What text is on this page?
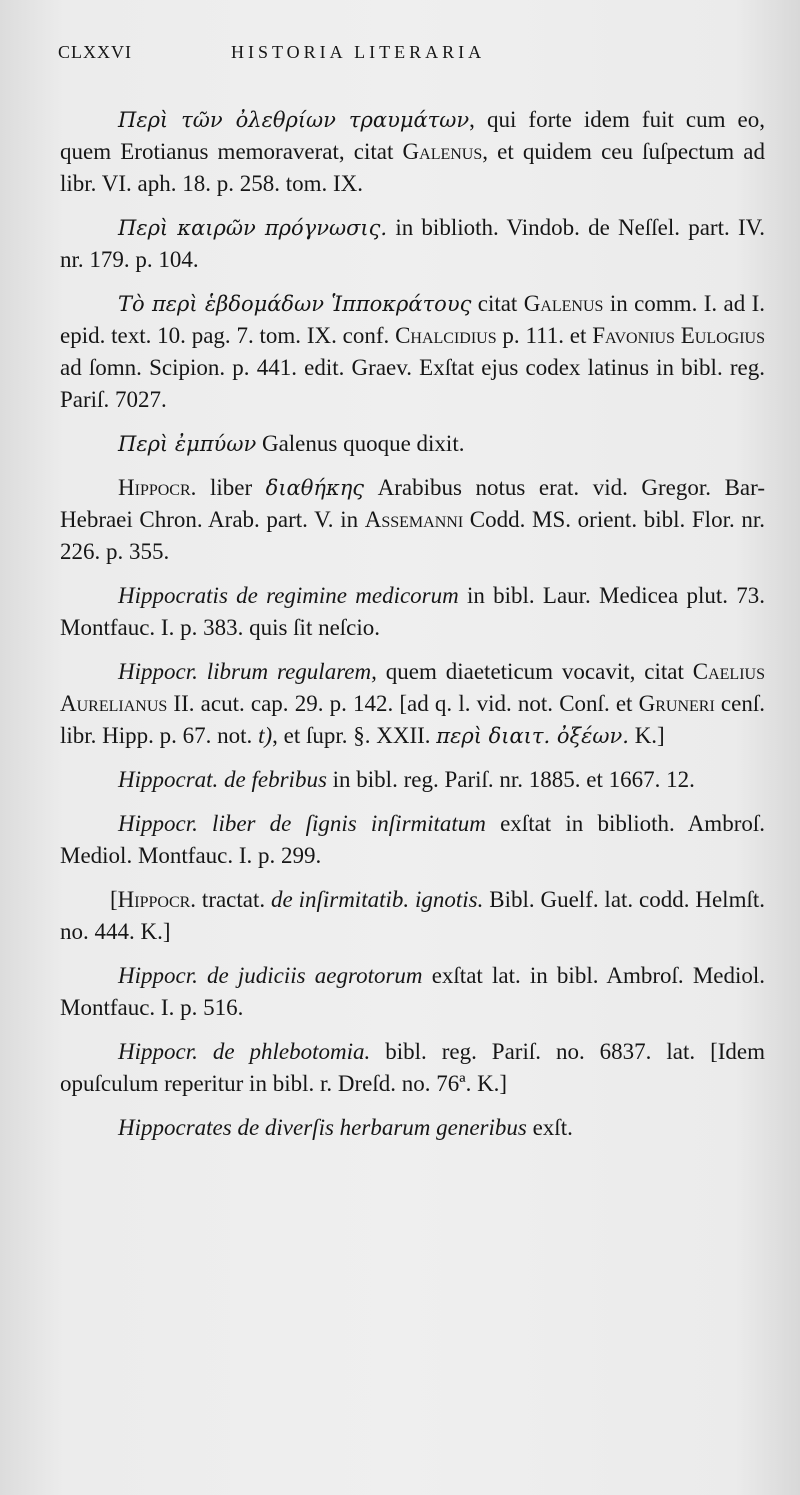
CLXXVI	HISTORIA LITERARIA

Περὶ τῶν ὀλεθρίων τραυμάτων, qui forte idem fuit cum eo, quem Erotianus memoraverat, citat Galenus, et quidem ceu ſuſpectum ad libr. VI. aph. 18. p. 258. tom. IX.

Περὶ καιρῶν πρόγνωσις. in biblioth. Vindob. de Neſſel. part. IV. nr. 179. p. 104.

Τὸ περὶ ἑβδομάδων Ἱπποκράτους citat Galenus in comm. I. ad I. epid. text. 10. pag. 7. tom. IX. conf. Chalcidius p. 111. et Favonius Eulogius ad ſomn. Scipion. p. 441. edit. Graev. Exſtat ejus codex latinus in bibl. reg. Pariſ. 7027.

Περὶ ἐμπύων Galenus quoque dixit.

Hippocr. liber διαθήκης Arabibus notus erat. vid. Gregor. Bar-Hebraei Chron. Arab. part. V. in Assemanni Codd. MS. orient. bibl. Flor. nr. 226. p. 355.

Hippocratis de regimine medicorum in bibl. Laur. Medicea plut. 73. Montfauc. I. p. 383. quis ſit neſcio.

Hippocr. librum regularem, quem diaeteticum vocavit, citat Caelius Aurelianus II. acut. cap. 29. p. 142. [ad q. l. vid. not. Conſ. et Gruneri cenſ. libr. Hipp. p. 67. not. t), et ſupr. §. XXII. περὶ διαιτ. ὀξέων. K.]

Hippocrat. de febribus in bibl. reg. Pariſ. nr. 1885. et 1667. 12.

Hippocr. liber de ſignis inſirmitatum exſtat in biblioth. Ambroſ. Mediol. Montfauc. I. p. 299.

[Hippocr. tractat. de inſirmitatib. ignotis. Bibl. Guelf. lat. codd. Helmſt. no. 444. K.]

Hippocr. de judiciis aegrotorum exſtat lat. in bibl. Ambroſ. Mediol. Montfauc. I. p. 516.

Hippocr. de phlebotomia. bibl. reg. Pariſ. no. 6837. lat. [Idem opuſculum reperitur in bibl. r. Dreſd. no. 76ª. K.]

Hippocrates de diverſis herbarum generibus exſt.
